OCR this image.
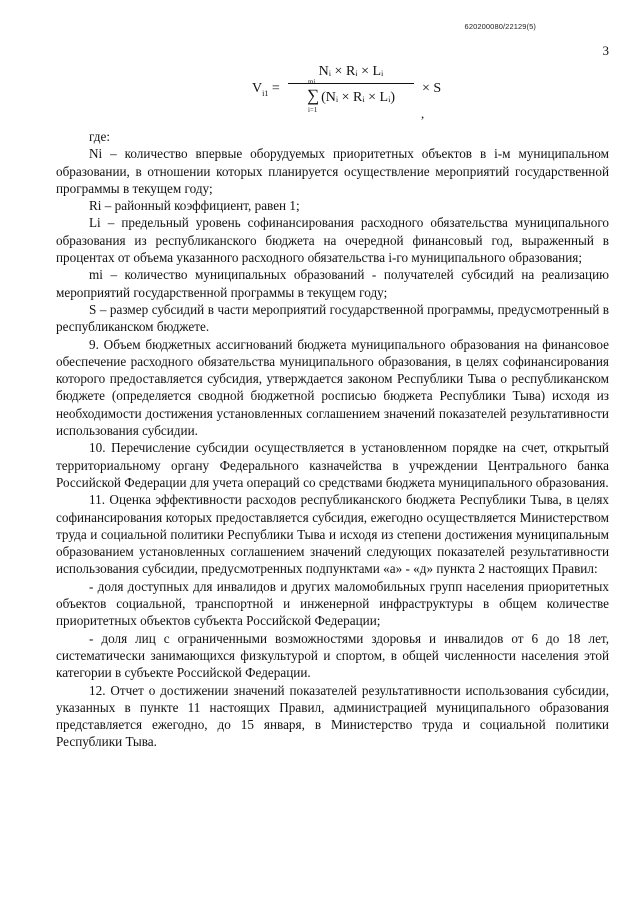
620200080/22129(5)
3
$V_{i1}$ =
Nᵢ × Rᵢ × Lᵢ
mi
∑
i=1
(Nᵢ × Rᵢ × Lᵢ)
× S
,

где:

Ni – количество впервые оборудуемых приоритетных объектов в i-м муниципальном образовании, в отношении которых планируется осуществление мероприятий государственной программы в текущем году;

Ri – районный коэффициент, равен 1;

Li – предельный уровень софинансирования расходного обязательства муниципального образования из республиканского бюджета на очередной финансовый год, выраженный в процентах от объема указанного расходного обязательства i-го муниципального образования;

mi – количество муниципальных образований - получателей субсидий на реализацию мероприятий государственной программы в текущем году;

S – размер субсидий в части мероприятий государственной программы, предусмотренный в республиканском бюджете.

9. Объем бюджетных ассигнований бюджета муниципального образования на финансовое обеспечение расходного обязательства муниципального образования, в целях софинансирования которого предоставляется субсидия, утверждается законом Республики Тыва о республиканском бюджете (определяется сводной бюджетной росписью бюджета Республики Тыва) исходя из необходимости достижения установленных соглашением значений показателей результативности использования субсидии.

10. Перечисление субсидии осуществляется в установленном порядке на счет, открытый территориальному органу Федерального казначейства в учреждении Центрального банка Российской Федерации для учета операций со средствами бюджета муниципального образования.

11. Оценка эффективности расходов республиканского бюджета Республики Тыва, в целях софинансирования которых предоставляется субсидия, ежегодно осуществляется Министерством труда и социальной политики Республики Тыва и исходя из степени достижения муниципальным образованием установленных соглашением значений следующих показателей результативности использования субсидии, предусмотренных подпунктами «а» - «д» пункта 2 настоящих Правил:

- доля доступных для инвалидов и других маломобильных групп населения приоритетных объектов социальной, транспортной и инженерной инфраструктуры в общем количестве приоритетных объектов субъекта Российской Федерации;

- доля лиц с ограниченными возможностями здоровья и инвалидов от 6 до 18 лет, систематически занимающихся физкультурой и спортом, в общей численности населения этой категории в субъекте Российской Федерации.

12. Отчет о достижении значений показателей результативности использования субсидии, указанных в пункте 11 настоящих Правил, администрацией муниципального образования представляется ежегодно, до 15 января, в Министерство труда и социальной политики Республики Тыва.
